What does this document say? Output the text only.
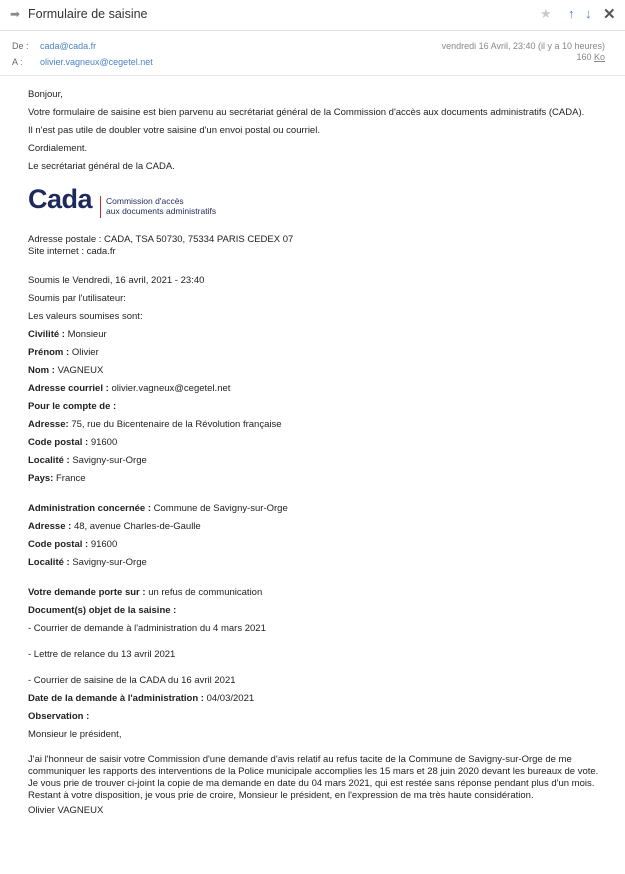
➡ Formulaire de saisine	★ ↑ ↓ ✕
De : cada@cada.fr
A : olivier.vagneux@cegetel.net
vendredi 16 Avril, 23:40 (il y a 10 heures)
160 Ko

Bonjour,

Votre formulaire de saisine est bien parvenu au secrétariat général de la Commission d'accès aux documents administratifs (CADA).

Il n'est pas utile de doubler votre saisine d'un envoi postal ou courriel.

Cordialement.

Le secrétariat général de la CADA.

Cada Commission d'accès
aux documents administratifs
Adresse postale : CADA, TSA 50730, 75334 PARIS CEDEX 07
Site internet : cada.fr

Soumis le Vendredi, 16 avril, 2021 - 23:40

Soumis par l'utilisateur:

Les valeurs soumises sont:

Civilité : Monsieur

Prénom : Olivier

Nom : VAGNEUX

Adresse courriel : olivier.vagneux@cegetel.net

Pour le compte de :

Adresse: 75, rue du Bicentenaire de la Révolution française

Code postal : 91600

Localité : Savigny-sur-Orge

Pays: France

Administration concernée : Commune de Savigny-sur-Orge

Adresse : 48, avenue Charles-de-Gaulle

Code postal : 91600

Localité : Savigny-sur-Orge

Votre demande porte sur : un refus de communication

Document(s) objet de la saisine :

- Courrier de demande à l'administration du 4 mars 2021

- Lettre de relance du 13 avril 2021

- Courrier de saisine de la CADA du 16 avril 2021

Date de la demande à l'administration : 04/03/2021

Observation :

Monsieur le président,

J'ai l'honneur de saisir votre Commission d'une demande d'avis relatif au refus tacite de la Commune de Savigny-sur-Orge de me communiquer les rapports des interventions de la Police municipale accomplies les 15 mars et 28 juin 2020 devant les bureaux de vote.

Je vous prie de trouver ci-joint la copie de ma demande en date du 04 mars 2021, qui est restée sans réponse pendant plus d'un mois.

Restant à votre disposition, je vous prie de croire, Monsieur le président, en l'expression de ma très haute considération.

Olivier VAGNEUX
